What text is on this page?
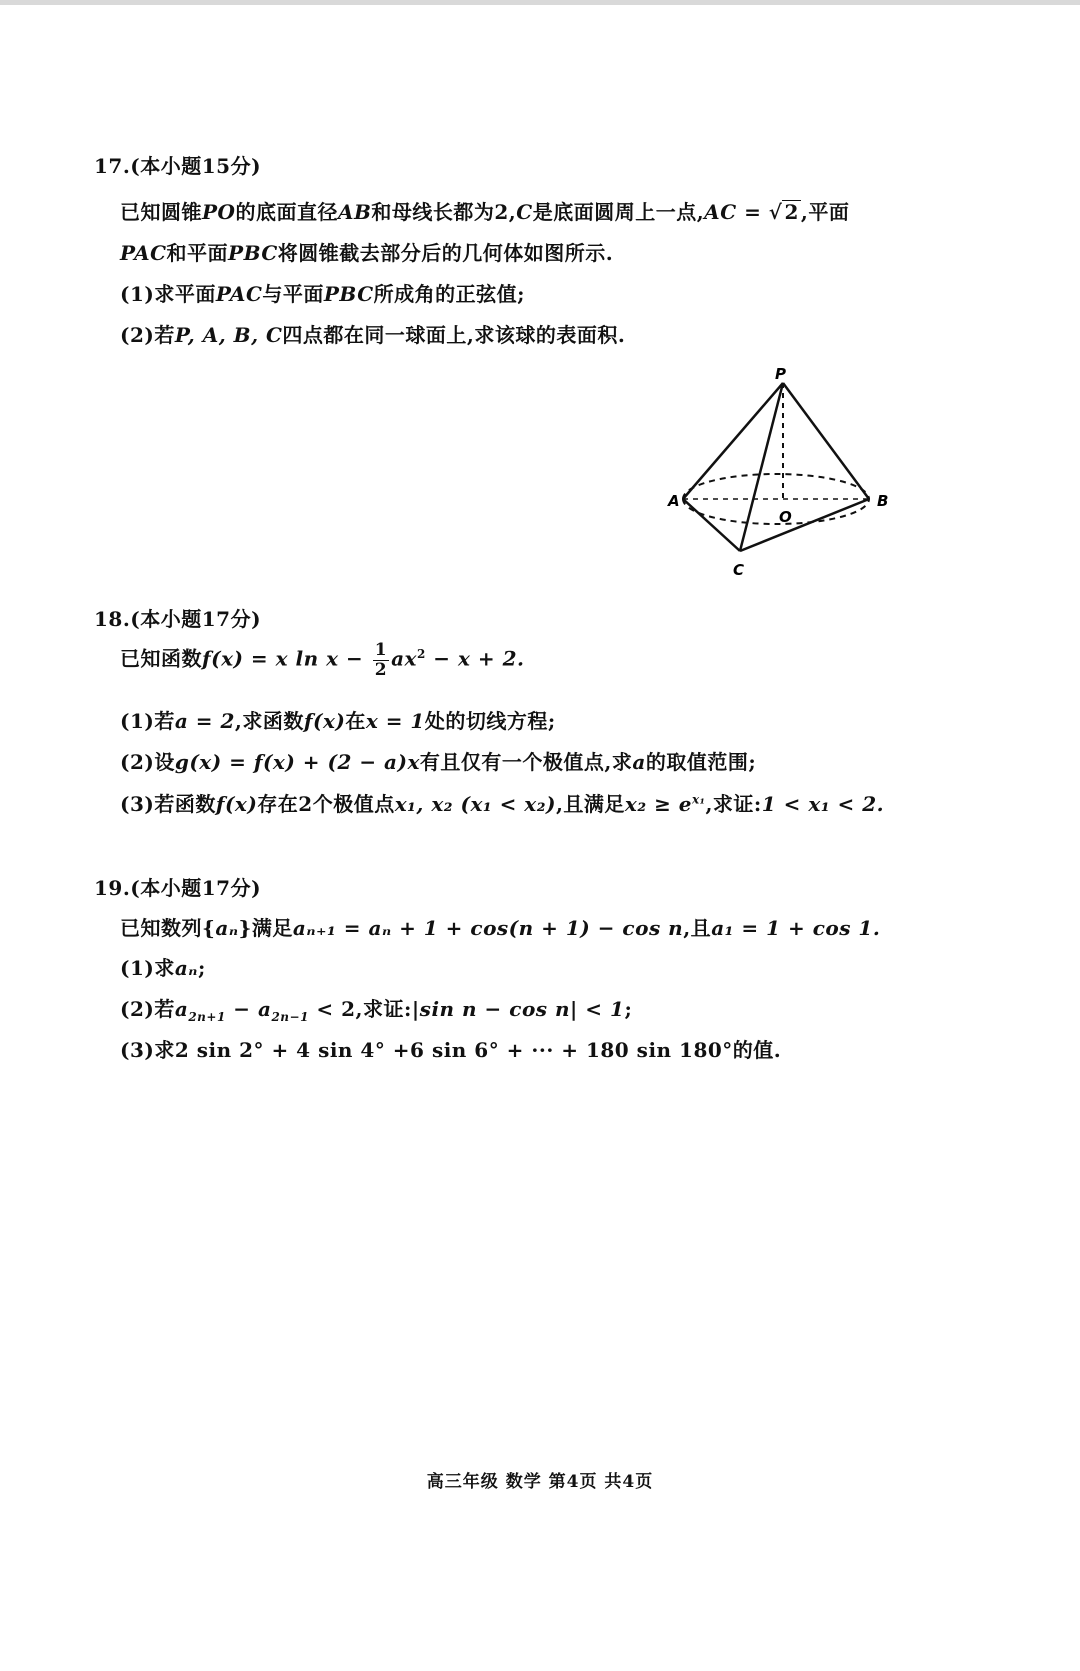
17.(本小题15分)
已知圆锥PO的底面直径AB和母线长都为2,C是底面圆周上一点,AC = √ 2 ,平面
PAC和平面PBC将圆锥截去部分后的几何体如图所示.
(1)求平面PAC与平面PBC所成角的正弦值;
(2)若P, A, B, C四点都在同一球面上,求该球的表面积.
P
A	B
O
C
18.(本小题17分)
已知函数f(x) = x $\ln x - \frac{1}{2} ax^2 - x + 2$.
(1)若a = 2,求函数f(x)在x = 1处的切线方程;
(2)设g(x) = f(x) + (2 − a)x有且仅有一个极值点,求a的取值范围;
(3)若函数f(x)存在2个极值点x₁, x₂ (x₁ < x₂),且满足$x_2 \ge e^{x_1}$,求证:1 < x₁ < 2.
19.(本小题17分)
已知数列{aₙ}满足aₙ₊₁ = aₙ + 1 + cos(n + 1) − cos n,且a₁ = 1 + cos 1.
(1)求aₙ;
(2)若$a_{2n+1} - a_{2n-1} < 2$,求证:|sin n − cos n| < 1;
(3)求2 sin 2° + 4 sin 4° +6 sin 6° + ··· + 180 sin 180°的值.
高三年级 数学 第4页 共4页
